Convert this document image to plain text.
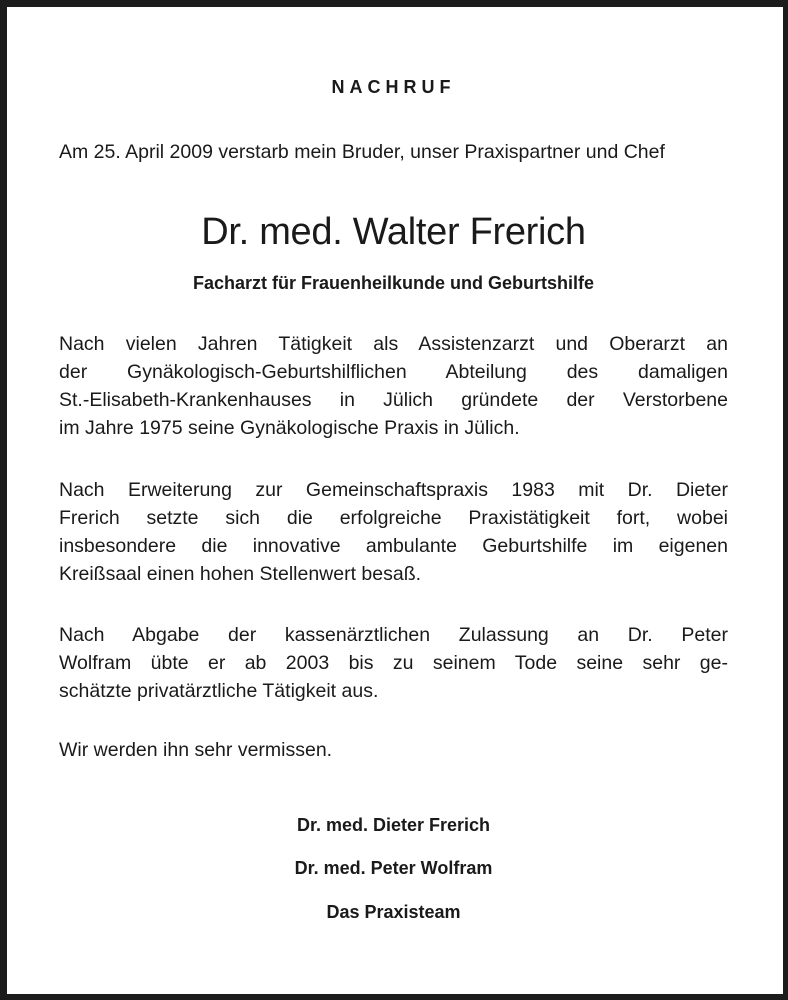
NACHRUF
Am 25. April 2009 verstarb mein Bruder, unser Praxispartner und Chef
Dr. med. Walter Frerich
Facharzt für Frauenheilkunde und Geburtshilfe
Nach vielen Jahren Tätigkeit als Assistenzarzt und Oberarzt an
der Gynäkologisch-Geburtshilflichen Abteilung des damaligen
St.-Elisabeth-Krankenhauses in Jülich gründete der Verstorbene
im Jahre 1975 seine Gynäkologische Praxis in Jülich.
Nach Erweiterung zur Gemeinschaftspraxis 1983 mit Dr. Dieter
Frerich setzte sich die erfolgreiche Praxistätigkeit fort, wobei
insbesondere die innovative ambulante Geburtshilfe im eigenen
Kreißsaal einen hohen Stellenwert besaß.
Nach Abgabe der kassenärztlichen Zulassung an Dr. Peter
Wolfram übte er ab 2003 bis zu seinem Tode seine sehr ge-
schätzte privatärztliche Tätigkeit aus.
Wir werden ihn sehr vermissen.
Dr. med. Dieter Frerich
Dr. med. Peter Wolfram
Das Praxisteam
